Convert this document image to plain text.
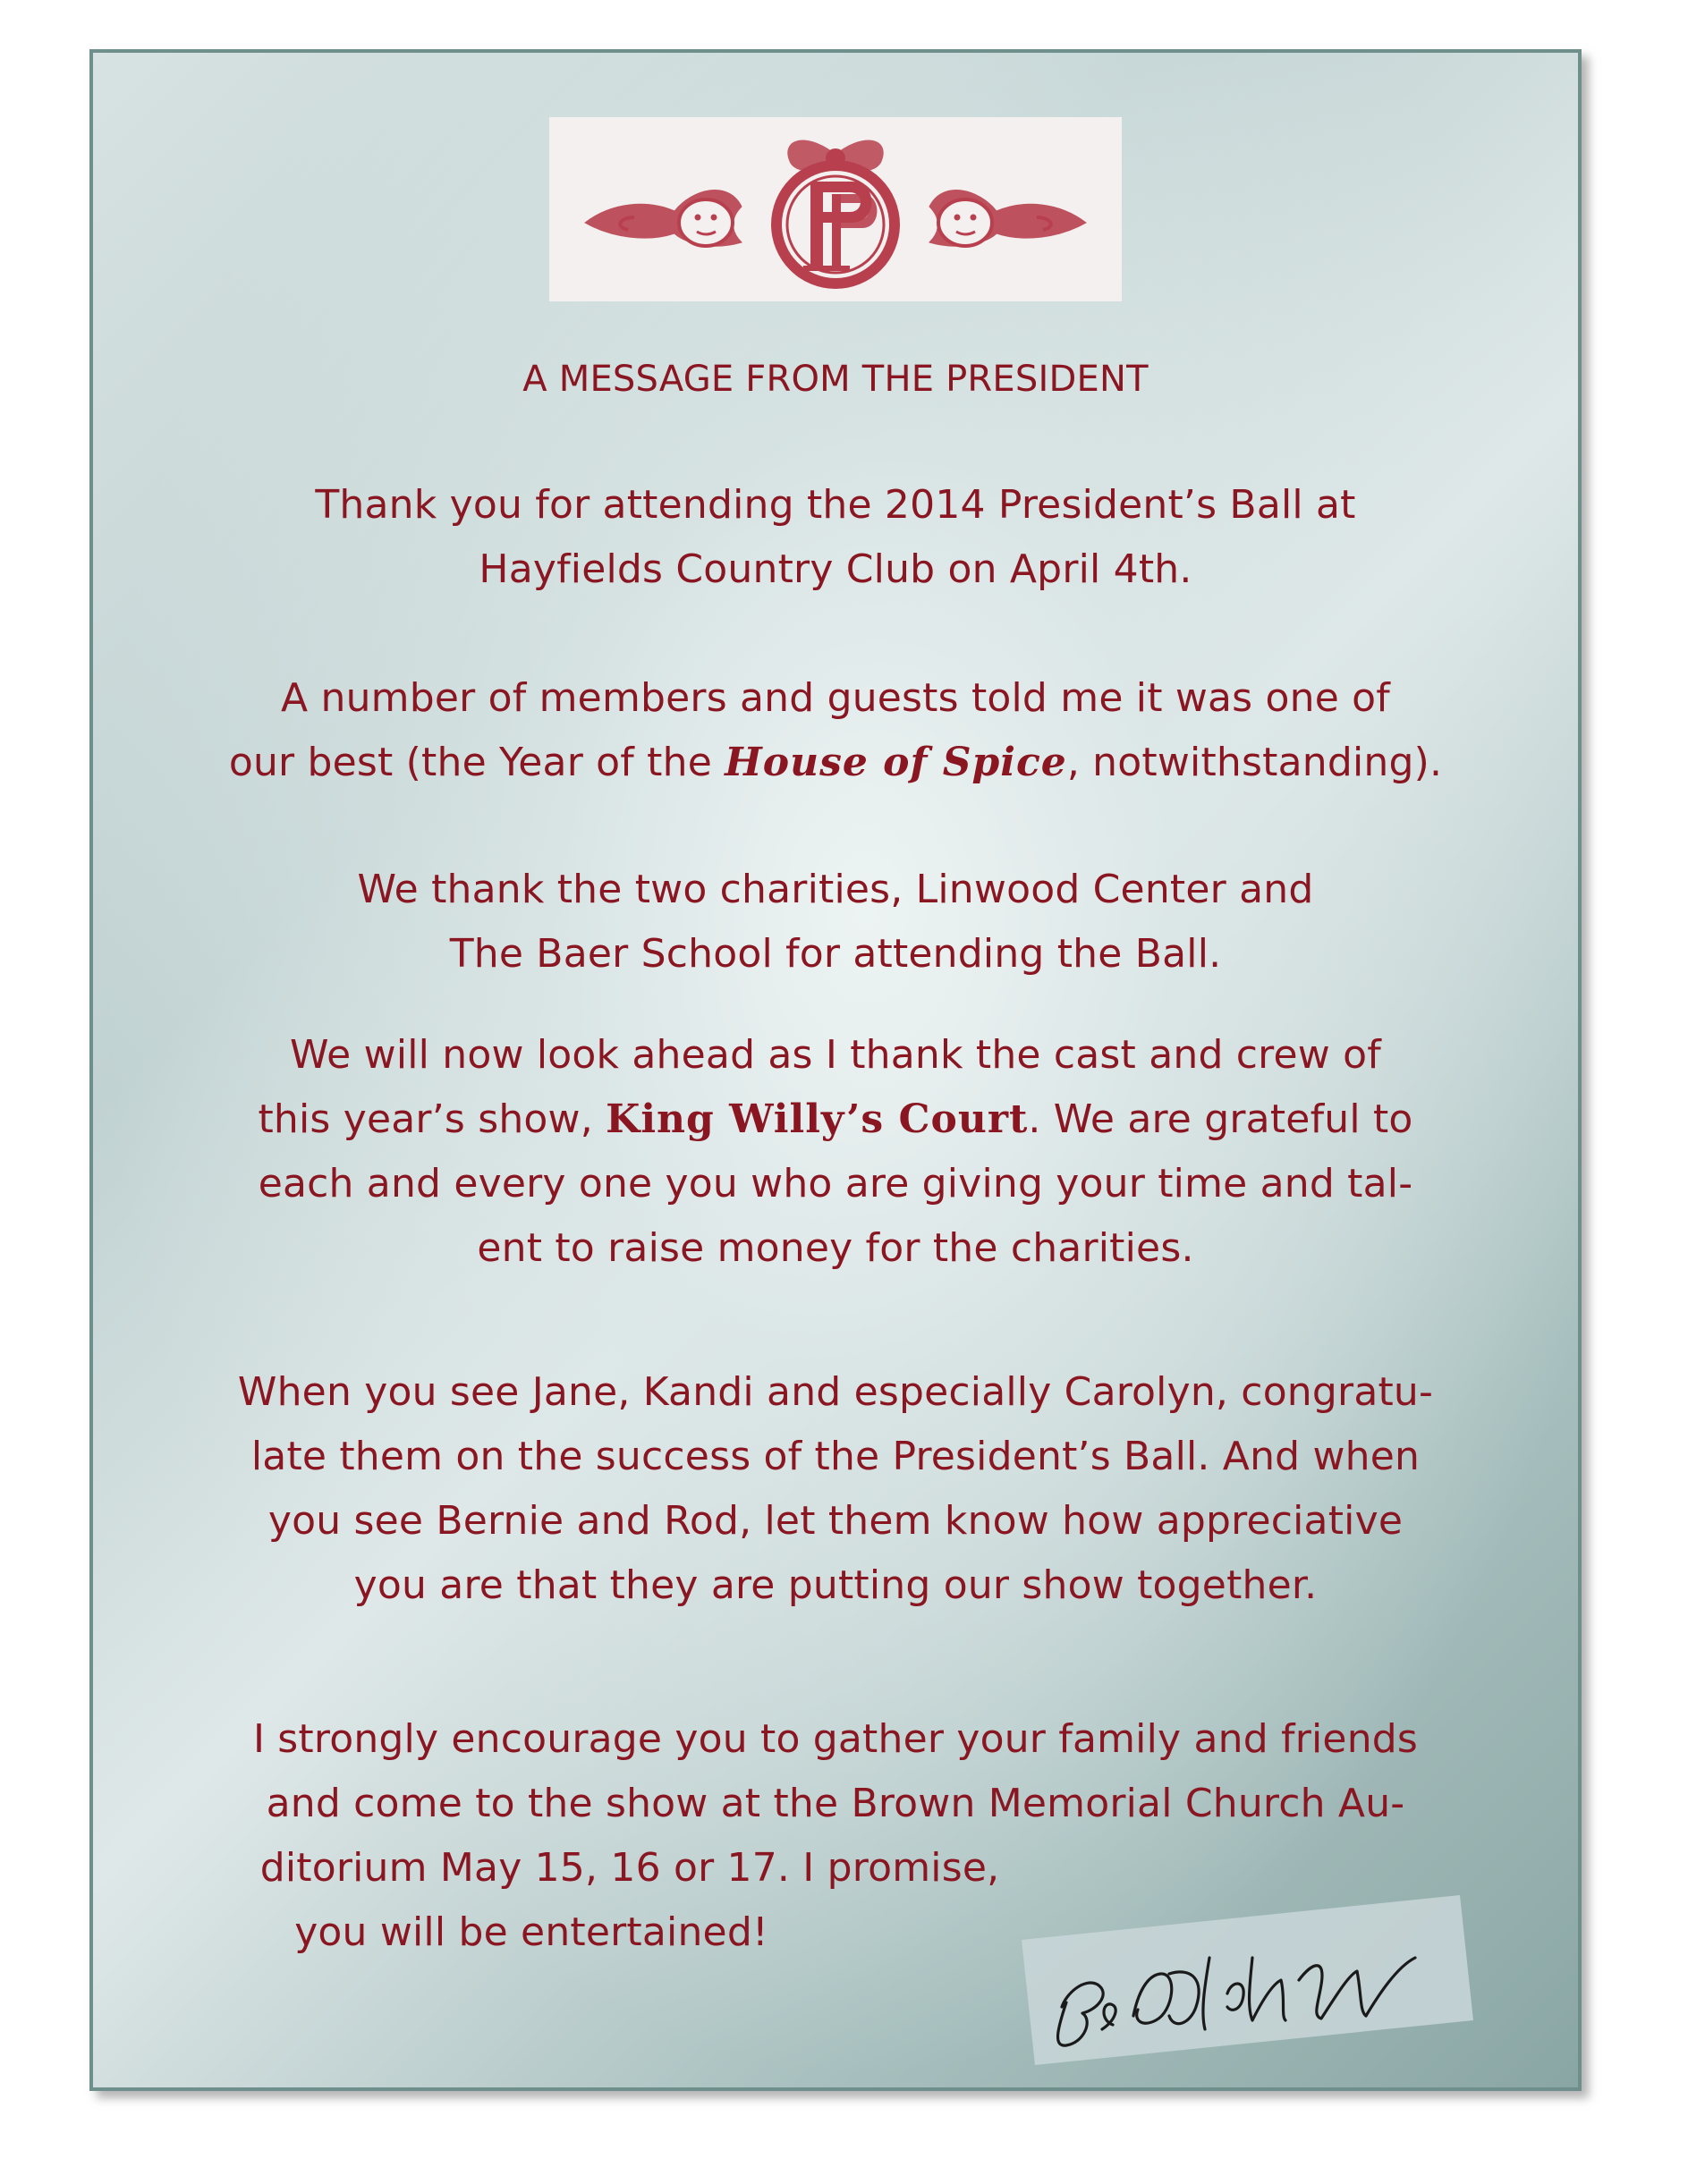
A MESSAGE FROM THE PRESIDENT
Thank you for attending the 2014 President’s Ball at
Hayfields Country Club on April 4th.
A number of members and guests told me it was one of
our best (the Year of the House of Spice, notwithstanding).
We thank the two charities, Linwood Center and
The Baer School for attending the Ball.
We will now look ahead as I thank the cast and crew of
this year’s show, King Willy’s Court. We are grateful to
each and every one you who are giving your time and tal-
ent to raise money for the charities.
When you see Jane, Kandi and especially Carolyn, congratu-
late them on the success of the President’s Ball. And when
you see Bernie and Rod, let them know how appreciative
you are that they are putting our show together.
I strongly encourage you to gather your family and friends
and come to the show at the Brown Memorial Church Au-
ditorium May 15, 16 or 17. I promise,
you will be entertained!
